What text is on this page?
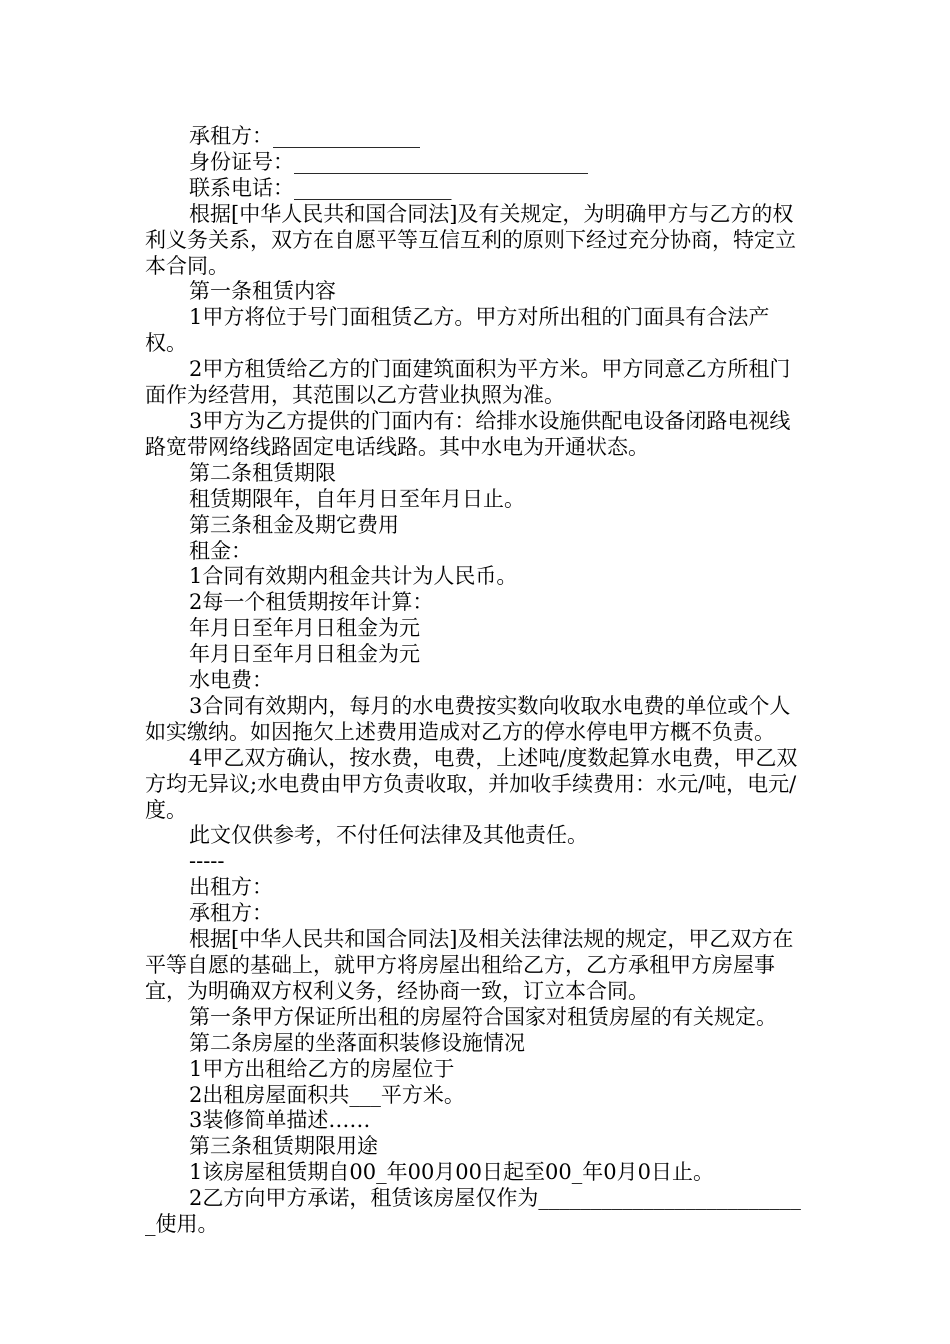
承租方：______________

身份证号：____________________________

联系电话：_______________

根据[中华人民共和国合同法]及有关规定，为明确甲方与乙方的权利义务关系，双方在自愿平等互信互利的原则下经过充分协商，特定立本合同。

第一条租赁内容

1甲方将位于号门面租赁乙方。甲方对所出租的门面具有合法产权。

2甲方租赁给乙方的门面建筑面积为平方米。甲方同意乙方所租门面作为经营用，其范围以乙方营业执照为准。

3甲方为乙方提供的门面内有：给排水设施供配电设备闭路电视线路宽带网络线路固定电话线路。其中水电为开通状态。

第二条租赁期限

租赁期限年，自年月日至年月日止。

第三条租金及期它费用

租金：

1合同有效期内租金共计为人民币。

2每一个租赁期按年计算：

年月日至年月日租金为元

年月日至年月日租金为元

水电费：

3合同有效期内，每月的水电费按实数向收取水电费的单位或个人如实缴纳。如因拖欠上述费用造成对乙方的停水停电甲方概不负责。

4甲乙双方确认，按水费，电费，上述吨/度数起算水电费，甲乙双方均无异议;水电费由甲方负责收取，并加收手续费用：水元/吨，电元/度。

此文仅供参考，不付任何法律及其他责任。

-----

出租方：

承租方：

根据[中华人民共和国合同法]及相关法律法规的规定，甲乙双方在平等自愿的基础上，就甲方将房屋出租给乙方，乙方承租甲方房屋事宜，为明确双方权利义务，经协商一致，订立本合同。

第一条甲方保证所出租的房屋符合国家对租赁房屋的有关规定。

第二条房屋的坐落面积装修设施情况

1甲方出租给乙方的房屋位于

2出租房屋面积共___平方米。

3装修简单描述……

第三条租赁期限用途

1该房屋租赁期自00_年00月00日起至00_年0月0日止。

2乙方向甲方承诺，租赁该房屋仅作为__________________________使用。
